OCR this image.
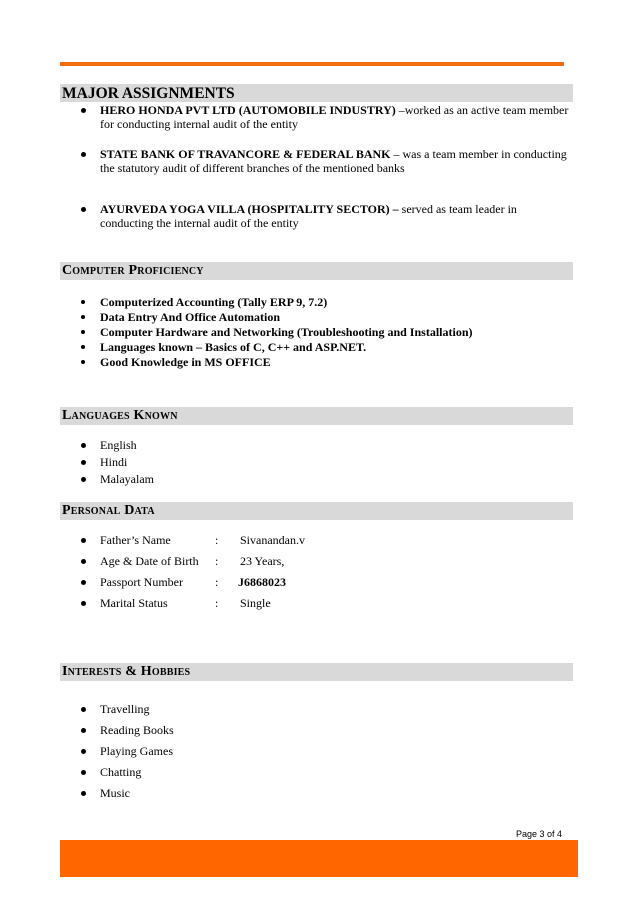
MAJOR ASSIGNMENTS
HERO HONDA PVT LTD (AUTOMOBILE INDUSTRY) –worked as an active team member for conducting internal audit of the entity
STATE BANK OF TRAVANCORE & FEDERAL BANK – was a team member in conducting the statutory audit of different branches of the mentioned banks
AYURVEDA YOGA VILLA (HOSPITALITY SECTOR) – served as team leader in conducting the internal audit of the entity
Computer Proficiency
Computerized Accounting (Tally ERP 9, 7.2)
Data Entry And Office Automation
Computer Hardware and Networking (Troubleshooting and Installation)
Languages known – Basics of C, C++ and ASP.NET.
Good Knowledge in MS OFFICE
Languages Known
English
Hindi
Malayalam
Personal Data
Father’s Name	: Sivanandan.v
Age & Date of Birth : 23 Years,
Passport Number	: J6868023
Marital Status	: Single
Interests & Hobbies
Travelling
Reading Books
Playing Games
Chatting
Music
Page 3 of 4
